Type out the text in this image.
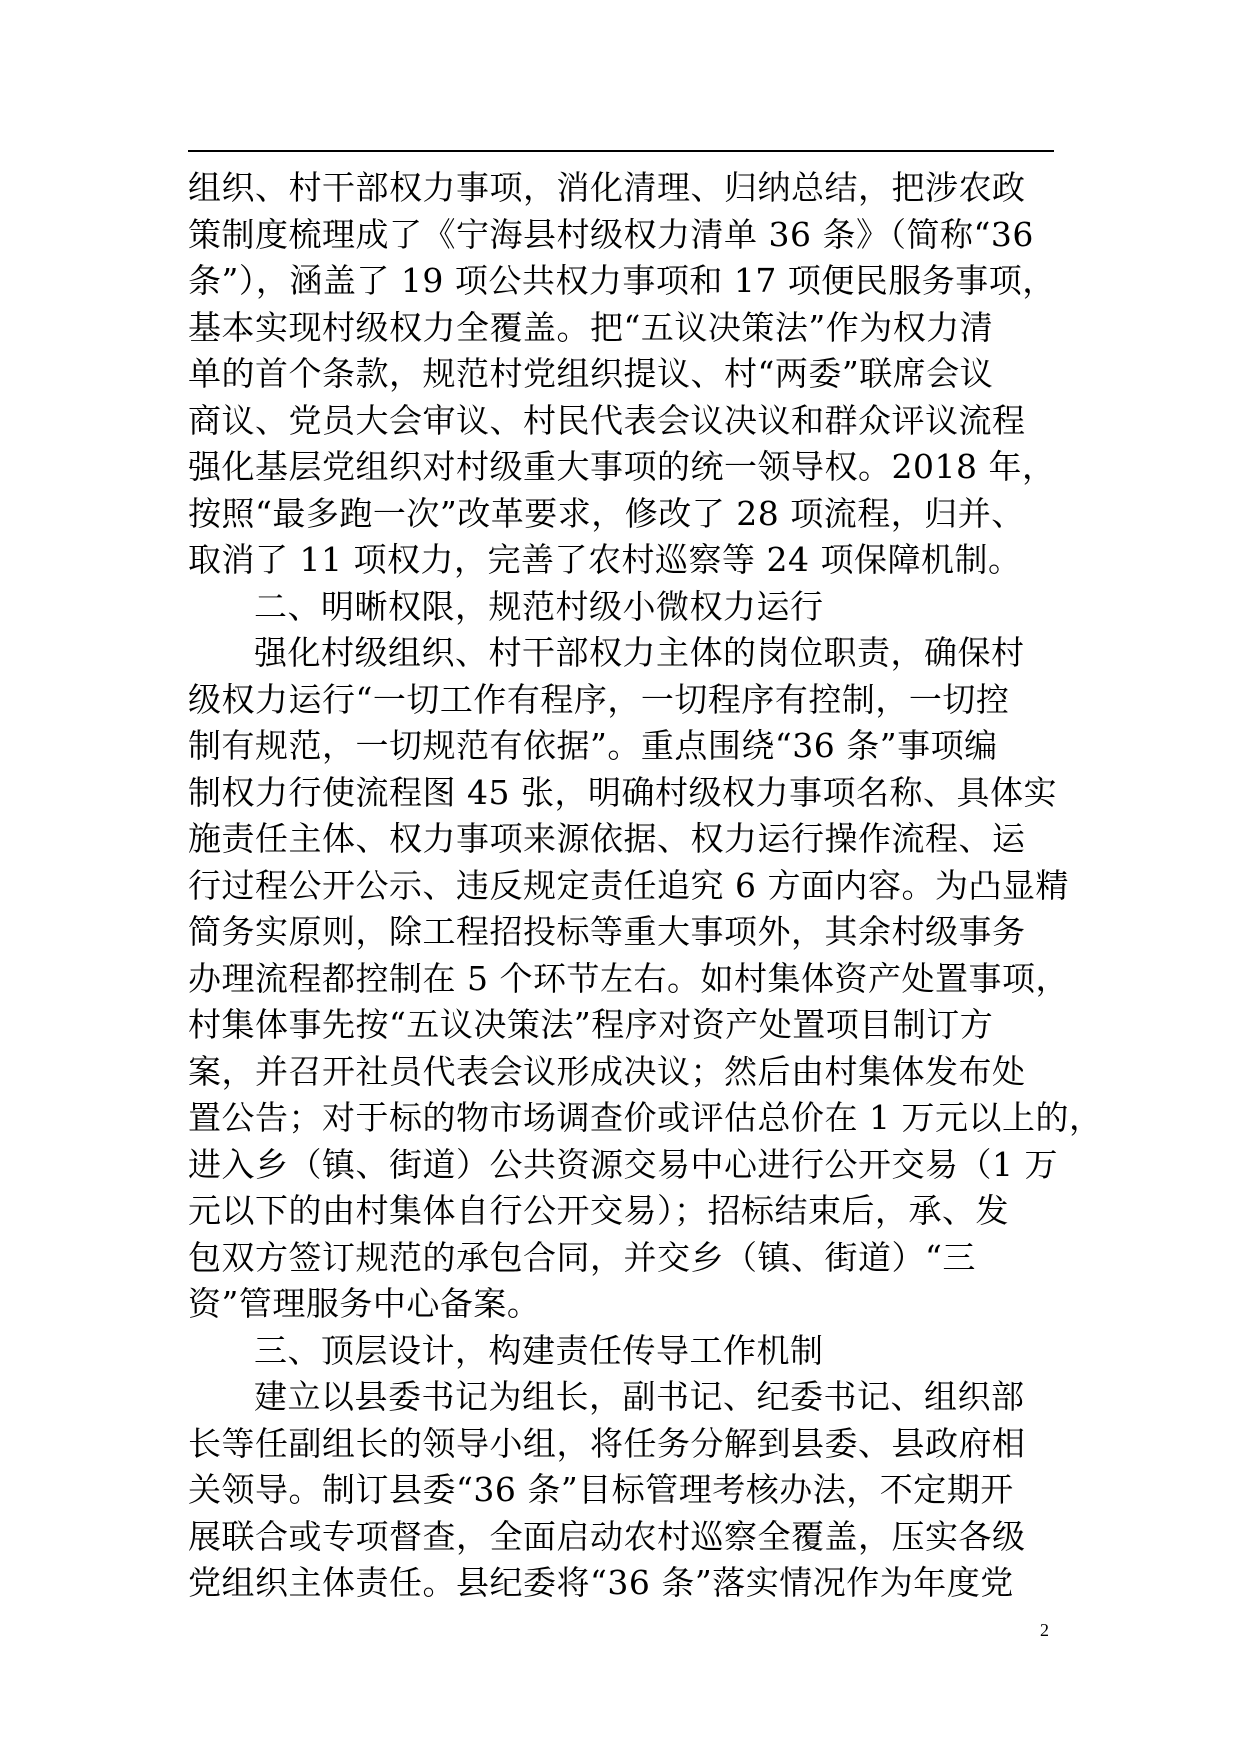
组织、村干部权力事项，消化清理、归纳总结，把涉农政
策制度梳理成了《宁海县村级权力清单 36 条》（简称“36
条”），涵盖了 19 项公共权力事项和 17 项便民服务事项，
基本实现村级权力全覆盖。把“五议决策法”作为权力清
单的首个条款，规范村党组织提议、村“两委”联席会议
商议、党员大会审议、村民代表会议决议和群众评议流程
强化基层党组织对村级重大事项的统一领导权。2018 年，
按照“最多跑一次”改革要求，修改了 28 项流程，归并、
取消了 11 项权力，完善了农村巡察等 24 项保障机制。
二、明晰权限，规范村级小微权力运行
强化村级组织、村干部权力主体的岗位职责，确保村
级权力运行“一切工作有程序，一切程序有控制，一切控
制有规范，一切规范有依据”。重点围绕“36 条”事项编
制权力行使流程图 45 张，明确村级权力事项名称、具体实
施责任主体、权力事项来源依据、权力运行操作流程、运
行过程公开公示、违反规定责任追究 6 方面内容。为凸显精
简务实原则，除工程招投标等重大事项外，其余村级事务
办理流程都控制在 5 个环节左右。如村集体资产处置事项，
村集体事先按“五议决策法”程序对资产处置项目制订方
案，并召开社员代表会议形成决议；然后由村集体发布处
置公告；对于标的物市场调查价或评估总价在 1 万元以上的，
进入乡（镇、街道）公共资源交易中心进行公开交易（1 万
元以下的由村集体自行公开交易）；招标结束后，承、发
包双方签订规范的承包合同，并交乡（镇、街道）“三
资”管理服务中心备案。
三、顶层设计，构建责任传导工作机制
建立以县委书记为组长，副书记、纪委书记、组织部
长等任副组长的领导小组，将任务分解到县委、县政府相
关领导。制订县委“36 条”目标管理考核办法，不定期开
展联合或专项督查，全面启动农村巡察全覆盖，压实各级
党组织主体责任。县纪委将“36 条”落实情况作为年度党
2
